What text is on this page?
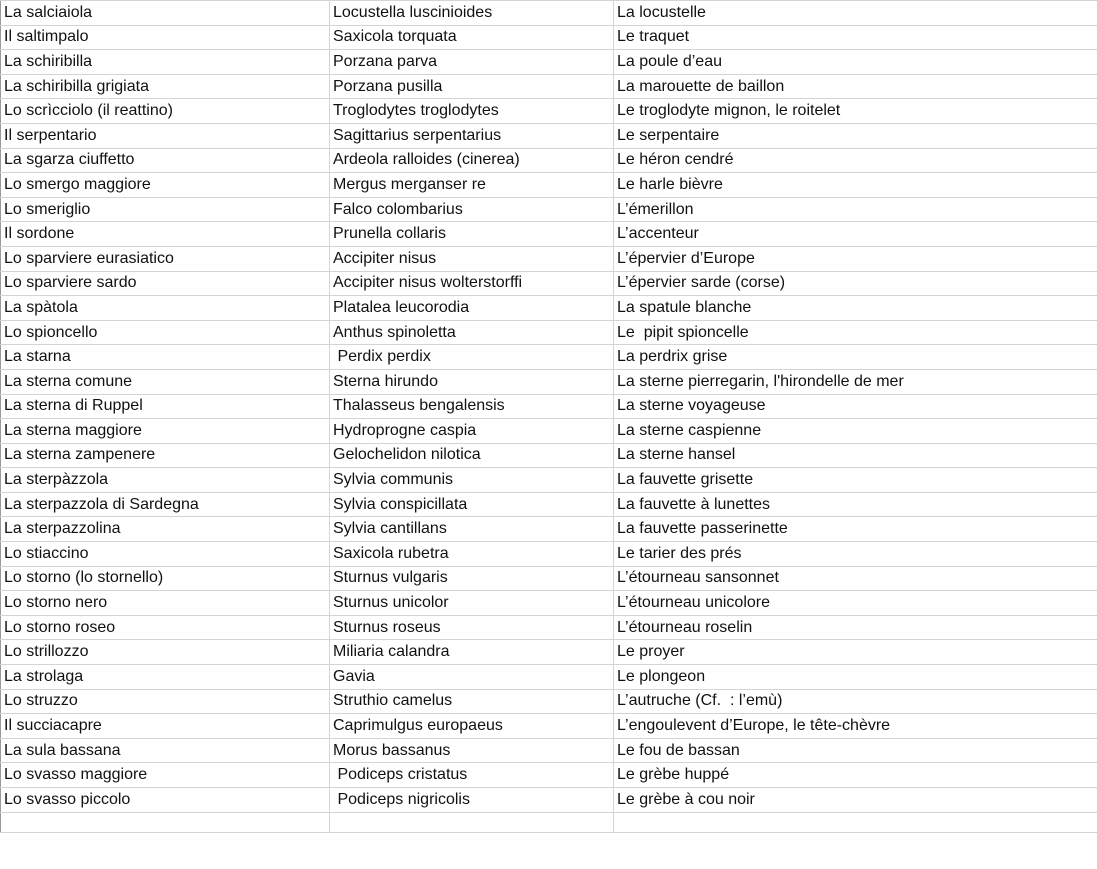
La salciaiola	Locustella luscinioides	La locustelle
Il saltimpalo	Saxicola torquata	Le traquet
La schiribilla	Porzana parva	La poule d’eau
La schiribilla grigiata	Porzana pusilla	La marouette de baillon
Lo scrìcciolo (il reattino)	Troglodytes troglodytes	Le troglodyte mignon, le roitelet
Il serpentario	Sagittarius serpentarius	Le serpentaire
La sgarza ciuffetto	Ardeola ralloides (cinerea)	Le héron cendré
Lo smergo maggiore	Mergus merganser re	Le harle bièvre
Lo smeriglio	Falco colombarius	L’émerillon
Il sordone	Prunella collaris	L’accenteur
Lo sparviere eurasiatico	Accipiter nisus	L’épervier d’Europe
Lo sparviere sardo	Accipiter nisus wolterstorffi	L’épervier sarde (corse)
La spàtola	Platalea leucorodia	La spatule blanche
Lo spioncello	Anthus spinoletta	Le  pipit spioncelle
La starna	Perdix perdix	La perdrix grise
La sterna comune	Sterna hirundo	La sterne pierregarin, l'hirondelle de mer
La sterna di Ruppel	Thalasseus bengalensis	La sterne voyageuse
La sterna maggiore	Hydroprogne caspia	La sterne caspienne
La sterna zampenere	Gelochelidon nilotica	La sterne hansel
La sterpàzzola	Sylvia communis	La fauvette grisette
La sterpazzola di Sardegna	Sylvia conspicillata	La fauvette à lunettes
La sterpazzolina	Sylvia cantillans	La fauvette passerinette
Lo stiaccino	Saxicola rubetra	Le tarier des prés
Lo storno (lo stornello)	Sturnus vulgaris	L’étourneau sansonnet
Lo storno nero	Sturnus unicolor	L’étourneau unicolore
Lo storno roseo	Sturnus roseus	L’étourneau roselin
Lo strillozzo	Miliaria calandra	Le proyer
La strolaga	Gavia	Le plongeon
Lo struzzo	Struthio camelus	L’autruche (Cf.  : l’emù)
Il succiacapre	Caprimulgus europaeus	L’engoulevent d’Europe, le tête-chèvre
La sula bassana	Morus bassanus	Le fou de bassan
Lo svasso maggiore	Podiceps cristatus	Le grèbe huppé
Lo svasso piccolo	Podiceps nigricolis	Le grèbe à cou noir
